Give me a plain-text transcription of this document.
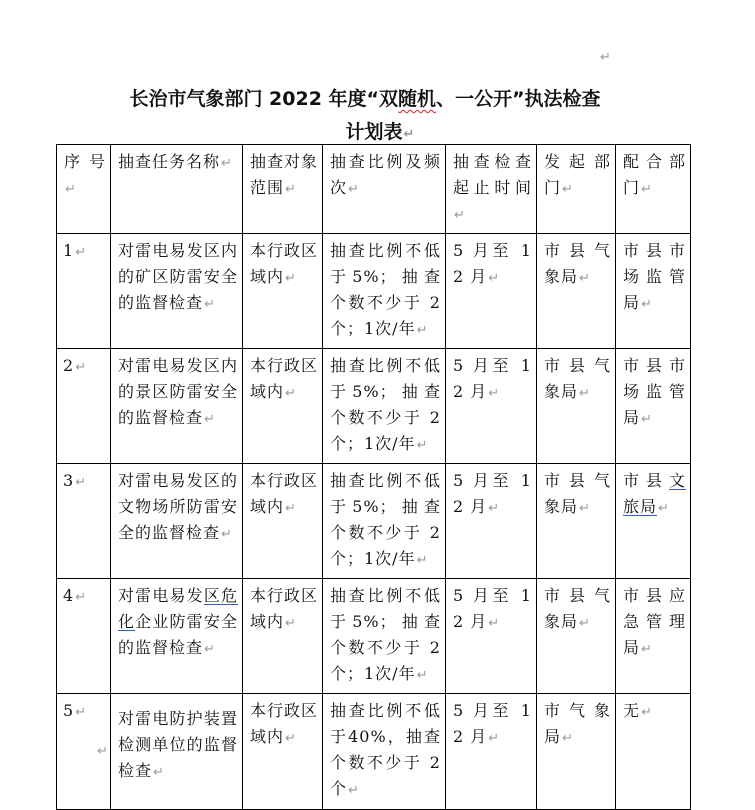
↵
长治市气象部门 2022 年度“双随机、一公开”执法检查
计划表↵
序号↵	抽查任务名称↵	抽查对象范围↵	抽查比例及频次↵	抽查检查起止时间↵	发起部门↵	配合部门↵
1↵	对雷电易发区内的矿区防雷安全的监督检查↵	本行政区域内↵	抽查比例不低于5%；抽查个数不少于 2 个；1次/年↵	5 月至 12 月↵	市县气象局↵	市县市场监管局↵
2↵	对雷电易发区内的景区防雷安全的监督检查↵	本行政区域内↵	抽查比例不低于5%；抽查个数不少于 2 个；1次/年↵	5 月至 12 月↵	市县气象局↵	市县市场监管局↵
3↵	对雷电易发区的文物场所防雷安全的监督检查↵	本行政区域内↵	抽查比例不低于5%；抽查个数不少于 2 个；1次/年↵	5 月至 12 月↵	市县气象局↵	市县文旅局↵
4↵	对雷电易发区危化企业防雷安全的监督检查↵	本行政区域内↵	抽查比例不低于5%；抽查个数不少于 2 个；1次/年↵	5 月至 12 月↵	市县气象局↵	市县应急管理局↵
5↵	对雷电防护装置检测单位的监督检查↵	本行政区域内↵	抽查比例不低于40%，抽查个数不少于 2 个↵	5 月至 12 月↵	市气象局↵	无↵
↵
